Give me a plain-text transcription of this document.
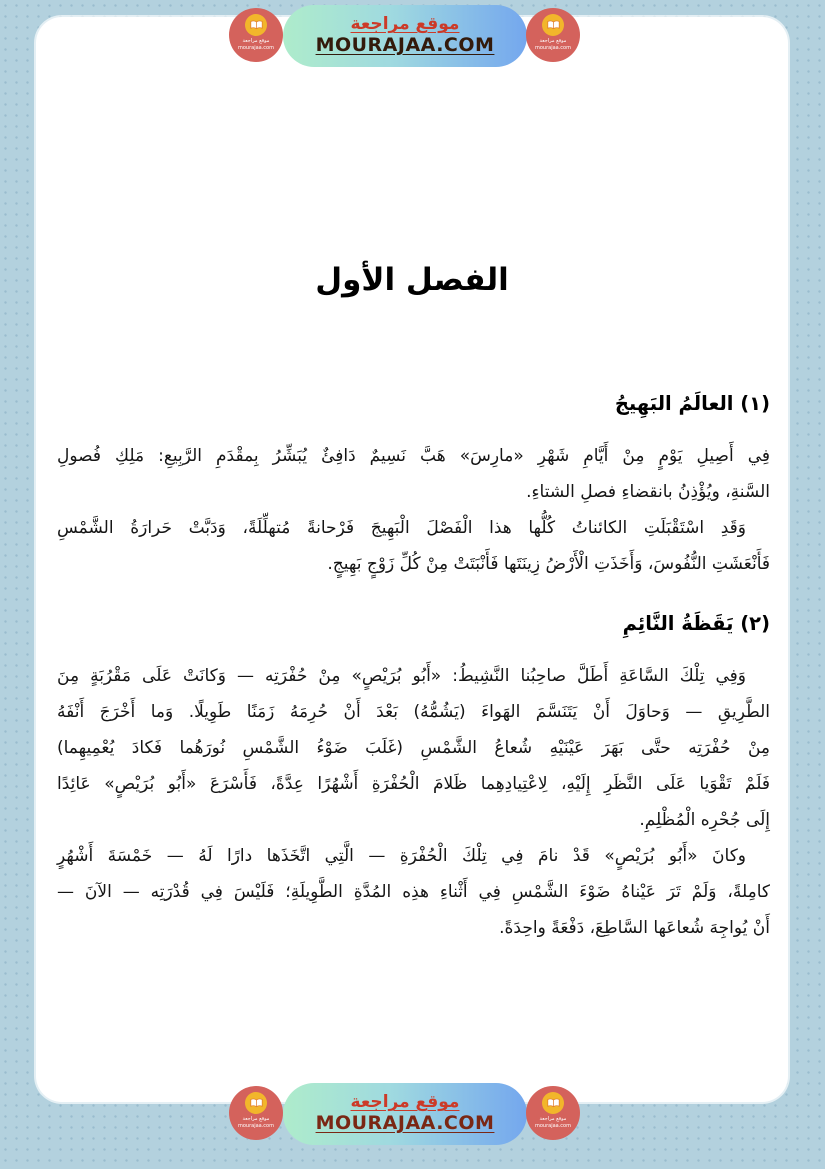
موقع مراجعة
mourajaa.com
موقع مراجعة
MOURAJAA.COM	موقع مراجعة
mourajaa.com
الفصل الأول
(١) العالَمُ البَهِيجُ
فِي أَصِيلِ يَوْمٍ مِنْ أَيَّامِ شَهْرِ «مارِسَ» هَبَّ نَسِيمٌ دَافِئٌ يُبَشِّرُ بِمقْدَمِ الرَّبِيعِ: مَلِكِ فُصولِ
السَّنةِ، ويُؤْذِنُ بانقضاءِ فصلِ الشتاءِ.
وَقَدِ اسْتَقْبَلَتِ الكائناتُ كُلُّها هذا الْفَصْلَ الْبَهِيجَ فَرْحانةً مُتهلِّلَةً، وَدَبَّتْ حَرارَةُ الشَّمْسِ
فَأَنْعَشَتِ النُّفُوسَ، وَأَخَذَتِ الْأَرْضُ زِينَتَها فَأَنْبَتَتْ مِنْ كُلِّ زَوْجٍ بَهِيجٍ.
(٢) يَقَظَةُ النَّائِمِ
وَفِي تِلْكَ السَّاعَةِ أَطَلَّ صاحِبُنا النَّشِيطُ: «أَبُو بُرَيْصٍ» مِنْ حُفْرَتِه — وَكانَتْ عَلَى مَقْرُبَةٍ مِنَ
الطَّرِيقِ — وَحاوَلَ أَنْ يَتَنَسَّمَ الهَواءَ (يَشُمُّهُ) بَعْدَ أَنْ حُرِمَهُ زَمَنًا طَوِيلًا. وَما أَخْرَجَ أَنْفَهُ
مِنْ حُفْرَتِه حتَّى بَهَرَ عَيْنَيْهِ شُعاعُ الشَّمْسِ (غَلَبَ ضَوْءُ الشَّمْسِ نُورَهُما فَكادَ يُعْمِيهِما)
فَلَمْ تَقْوَيا عَلَى النَّظَرِ إِلَيْهِ، لِاعْتِيادِهِما ظَلامَ الْحُفْرَةِ أَشْهُرًا عِدَّةً، فَأَسْرَعَ «أَبُو بُرَيْصٍ» عَائِدًا
إِلَى جُحْرِه الْمُظْلِمِ.
وكانَ «أَبُو بُرَيْصٍ» قَدْ نامَ فِي تِلْكَ الْحُفْرَةِ — الَّتِي اتَّخَذَها دارًا لَهُ — خَمْسَةَ أَشْهُرٍ
كامِلةً، وَلَمْ تَرَ عَيْناهُ ضَوْءَ الشَّمْسِ فِي أَثْناءِ هذِه المُدَّةِ الطَّوِيلَةِ؛ فَلَيْسَ فِي قُدْرَتِه — الآنَ —
أَنْ يُواجِهَ شُعاعَها السَّاطِعَ، دَفْعَةً واحِدَةً.
موقع مراجعة
mourajaa.com
موقع مراجعة
MOURAJAA.COM	موقع مراجعة
mourajaa.com
